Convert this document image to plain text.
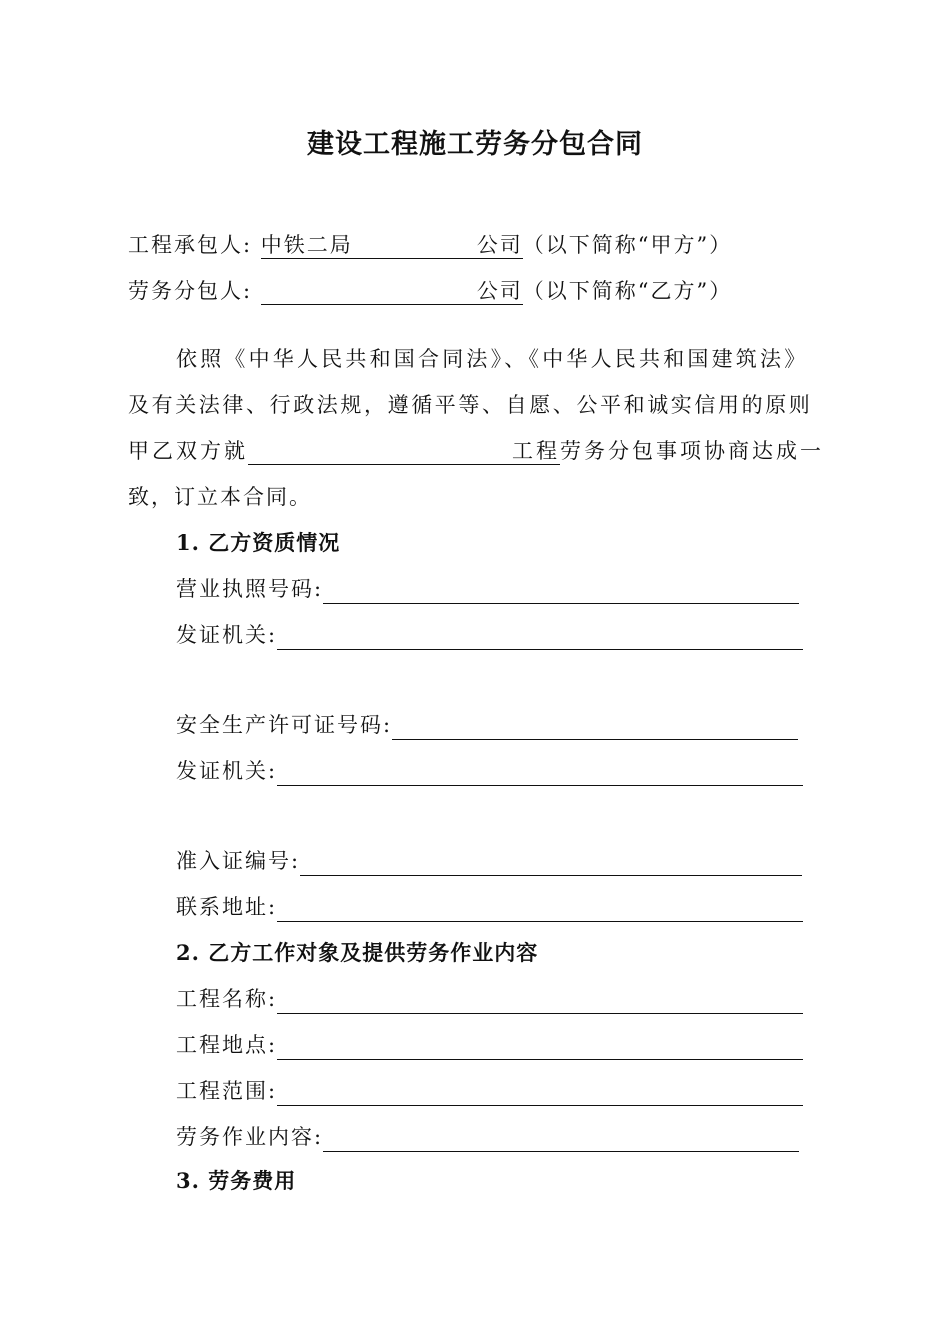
建设工程施工劳务分包合同
工程承包人: 中铁二局	公司 （以下简称“甲方”）
劳务分包人:	公司 （以下简称“乙方”）
依照《中华人民共和国合同法》、《中华人民共和国建筑法》
及有关法律、行政法规，遵循平等、自愿、公平和诚实信用的原则
甲乙双方就	工程劳务分包事项协商达成一
致，订立本合同。
1. 乙方资质情况
营业执照号码:
发证机关:
安全生产许可证号码:
发证机关:
准入证编号:
联系地址:
2. 乙方工作对象及提供劳务作业内容
工程名称:
工程地点:
工程范围:
劳务作业内容:
3. 劳务费用
